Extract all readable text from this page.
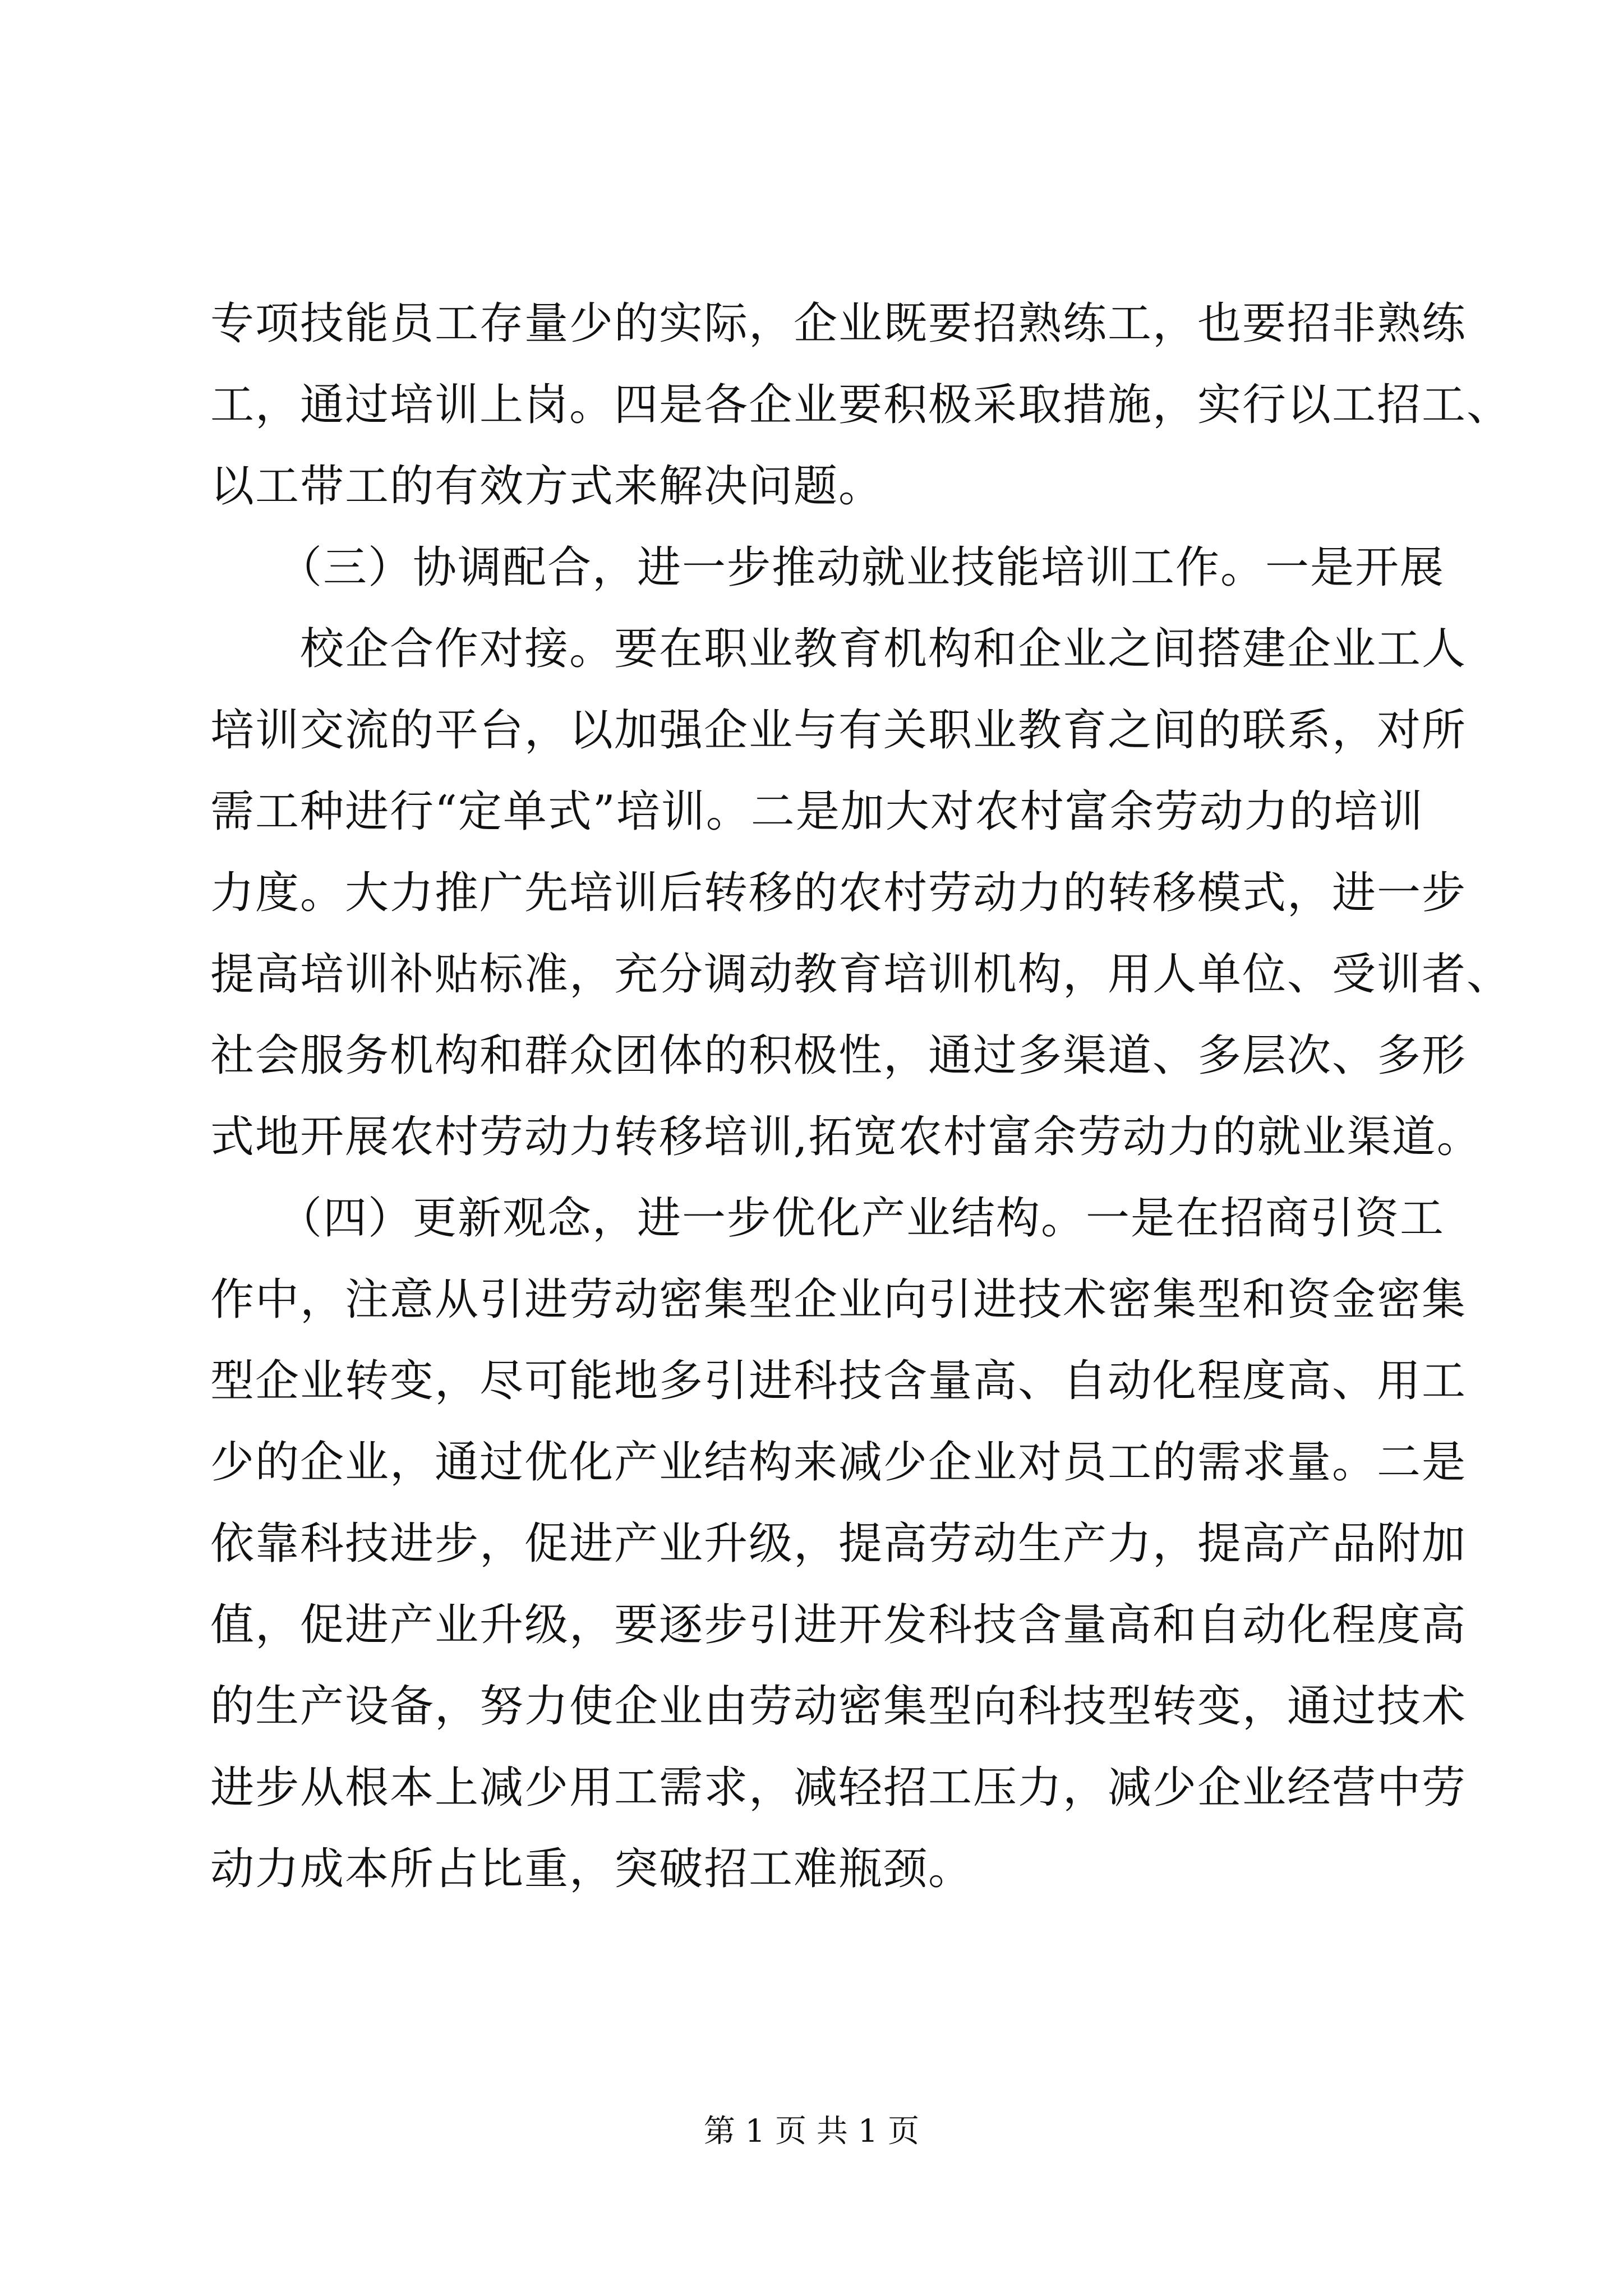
专项技能员工存量少的实际，企业既要招熟练工，也要招非熟练
工，通过培训上岗。四是各企业要积极采取措施，实行以工招工、
以工带工的有效方式来解决问题。
　　（三）协调配合，进一步推动就业技能培训工作。一是开展
　　校企合作对接。要在职业教育机构和企业之间搭建企业工人
培训交流的平台，以加强企业与有关职业教育之间的联系，对所
需工种进行“定单式”培训。二是加大对农村富余劳动力的培训
力度。大力推广先培训后转移的农村劳动力的转移模式，进一步
提高培训补贴标准，充分调动教育培训机构，用人单位、受训者、
社会服务机构和群众团体的积极性，通过多渠道、多层次、多形
式地开展农村劳动力转移培训,拓宽农村富余劳动力的就业渠道。
　　（四）更新观念，进一步优化产业结构。一是在招商引资工
作中，注意从引进劳动密集型企业向引进技术密集型和资金密集
型企业转变，尽可能地多引进科技含量高、自动化程度高、用工
少的企业，通过优化产业结构来减少企业对员工的需求量。二是
依靠科技进步，促进产业升级，提高劳动生产力，提高产品附加
值，促进产业升级，要逐步引进开发科技含量高和自动化程度高
的生产设备，努力使企业由劳动密集型向科技型转变，通过技术
进步从根本上减少用工需求，减轻招工压力，减少企业经营中劳
动力成本所占比重，突破招工难瓶颈。
第 1 页 共 1 页
